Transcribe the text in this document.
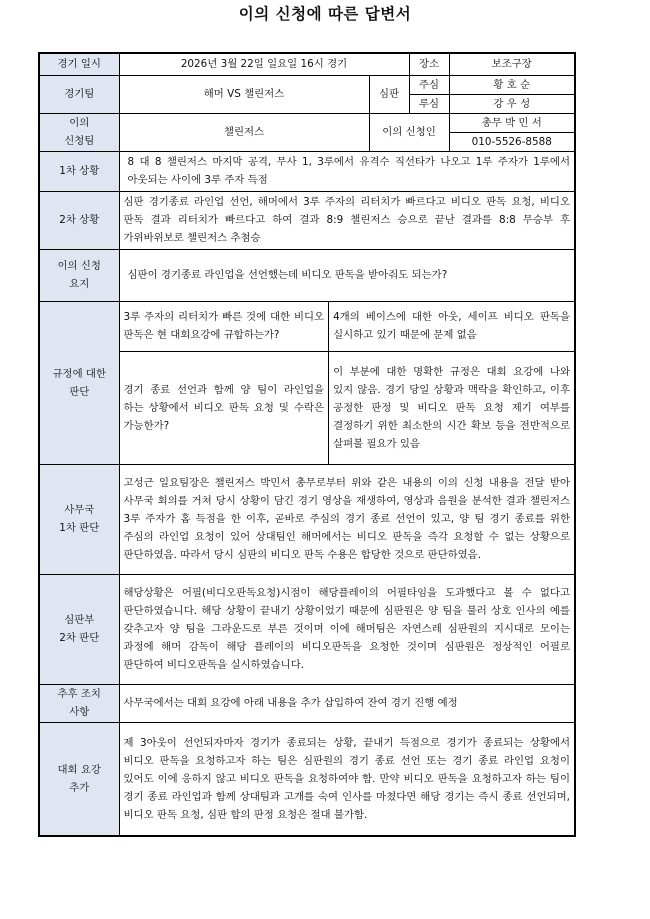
이의 신청에 따른 답변서
경기 일시	2026년 3월 22일 일요일 16시 경기	장소	보조구장
경기팀	해머 VS 챌린저스	심판	주심	황 호 순
루심	강 우 성
이의
신청팀	챌린저스	이의 신청인	
총무 박 민 서
010-5526-8588

1차 상황	8 대 8 챌린저스 마지막 공격, 무사 1, 3루에서 유격수 직선타가 나오고 1루 주자가 1루에서 아웃되는 사이에 3루 주자 득점
2차 상황	심판 경기종료 라인업 선언, 해머에서 3루 주자의 리터치가 빠르다고 비디오 판독 요청, 비디오 판독 결과 리터치가 빠르다고 하여 결과 8:9 챌린저스 승으로 끝난 결과를 8:8 무승부 후 가위바위보로 챌린저스 추첨승
이의 신청
요지	심판이 경기종료 라인업을 선언했는데 비디오 판독을 받아줘도 되는가?
규정에 대한
판단	
3루 주자의 리터치가 빠른 것에 대한 비디오 판독은 현 대회요강에 규합하는가?	4개의 베이스에 대한 아웃, 세이프 비디오 판독을 실시하고 있기 때문에 문제 없음
경기 종료 선언과 함께 양 팀이 라인업을 하는 상황에서 비디오 판독 요청 및 수락은 가능한가?	이 부분에 대한 명확한 규정은 대회 요강에 나와 있지 않음. 경기 당일 상황과 맥락을 확인하고, 이후 공정한 판정 및 비디오 판독 요청 제기 여부를 결정하기 위한 최소한의 시간 확보 등을 전반적으로 살펴볼 필요가 있음

사무국
1차 판단	고성근 일요팀장은 챌린저스 박민서 총무로부터 위와 같은 내용의 이의 신청 내용을 전달 받아 사무국 회의를 거쳐 당시 상황이 담긴 경기 영상을 재생하여, 영상과 음원을 분석한 결과 챌린저스 3루 주자가 홈 득점을 한 이후, 곧바로 주심의 경기 종료 선언이 있고, 양 팀 경기 종료를 위한 주심의 라인업 요청이 있어 상대팀인 해머에서는 비디오 판독을 즉각 요청할 수 없는 상황으로 판단하였음. 따라서 당시 심판의 비디오 판독 수용은 합당한 것으로 판단하였음.
심판부
2차 판단	해당상황은 어필(비디오판독요청)시점이 해당플레이의 어필타임을 도과했다고 볼 수 없다고 판단하였습니다. 해당 상황이 끝내기 상황이었기 때문에 심판원은 양 팀을 불러 상호 인사의 예를 갖추고자 양 팀을 그라운드로 부른 것이며 이에 해머팀은 자연스레 심판원의 지시대로 모이는 과정에 해머 감독이 해당 플레이의 비디오판독을 요청한 것이며 심판원은 정상적인 어필로 판단하여 비디오판독을 실시하였습니다.
추후 조치
사항	사무국에서는 대회 요강에 아래 내용을 추가 삽입하여 잔여 경기 진행 예정
대회 요강
추가	제 3아웃이 선언되자마자 경기가 종료되는 상황, 끝내기 득점으로 경기가 종료되는 상황에서 비디오 판독을 요청하고자 하는 팀은 심판원의 경기 종료 선언 또는 경기 종료 라인업 요청이 있어도 이에 응하지 않고 비디오 판독을 요청하여야 함. 만약 비디오 판독을 요청하고자 하는 팀이 경기 종료 라인업과 함께 상대팀과 고개를 숙여 인사를 마쳤다면 해당 경기는 즉시 종료 선언되며, 비디오 판독 요청, 심판 합의 판정 요청은 절대 불가함.
